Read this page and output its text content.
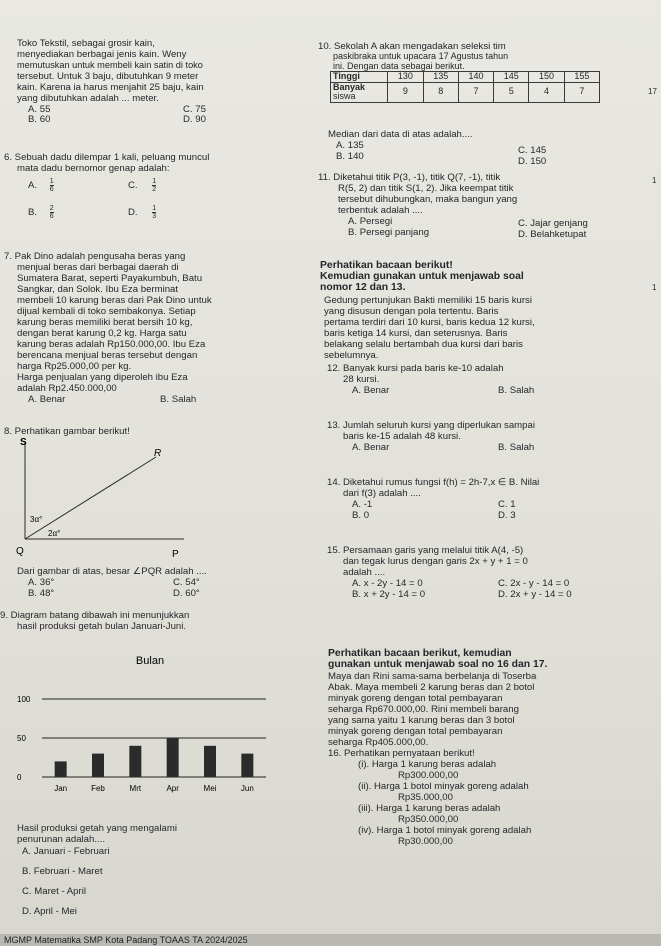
Toko Tekstil, sebagai grosir kain,
menyediakan berbagai jenis kain. Weny
memutuskan untuk membeli kain satin di toko
tersebut. Untuk 3 baju, dibutuhkan 9 meter
kain. Karena ia harus menjahit 25 baju, kain
yang dibutuhkan adalah ... meter.
A. 55
B. 60
C. 75
D. 90
6. Sebuah dadu dilempar 1 kali, peluang muncul
mata dadu bernomor genap adalah:
A. $\frac{1}{6}$
B. $\frac{2}{6}$
C. $\frac{1}{2}$
D. $\frac{1}{3}$
7. Pak Dino adalah pengusaha beras yang
menjual beras dari berbagai daerah di
Sumatera Barat, seperti Payakumbuh, Batu
Sangkar, dan Solok. Ibu Eza berminat
membeli 10 karung beras dari Pak Dino untuk
dijual kembali di toko sembakonya. Setiap
karung beras memiliki berat bersih 10 kg,
dengan berat karung 0,2 kg. Harga satu
karung beras adalah Rp150.000,00. Ibu Eza
berencana menjual beras tersebut dengan
harga Rp25.000,00 per kg.
Harga penjualan yang diperoleh ibu Eza
adalah Rp2.450.000,00
A. Benar	B. Salah
8. Perhatikan gambar berikut!
S
R
Q	P
3α°
2α°
Dari gambar di atas, besar ∠PQR adalah ....
A. 36°
B. 48°
C. 54°
D. 60°
9. Diagram batang dibawah ini menunjukkan
hasil produksi getah bulan Januari-Juni.
Bulan
0
50
100
Jan	Feb	Mrt	Apr	Mei	Jun
Hasil produksi getah yang mengalami
penurunan adalah....
A. Januari - Februari
B. Februari - Maret
C. Maret - April
D. April - Mei
10. Sekolah A akan mengadakan seleksi tim
paskibraka untuk upacara 17 Agustus tahun
ini. Dengan data sebagai berikut.
Tinggi	130	135	140	145	150	155
Banyak	9	8	7	5	4	7
siswa						
Median dari data di atas adalah....
A. 135
B. 140
C. 145
D. 150
11. Diketahui titik P(3, -1), titik Q(7, -1), titik
R(5, 2) dan titik S(1, 2). Jika keempat titik
tersebut dihubungkan, maka bangun yang
terbentuk adalah ....
A. Persegi
B. Persegi panjang
C. Jajar genjang
D. Belahketupat
Perhatikan bacaan berikut!
Kemudian gunakan untuk menjawab soal
nomor 12 dan 13.
Gedung pertunjukan Bakti memiliki 15 baris kursi
yang disusun dengan pola tertentu. Baris
pertama terdiri dari 10 kursi, baris kedua 12 kursi,
baris ketiga 14 kursi, dan seterusnya. Baris
belakang selalu bertambah dua kursi dari baris
sebelumnya.
12. Banyak kursi pada baris ke-10 adalah
28 kursi.
A. Benar	B. Salah
13. Jumlah seluruh kursi yang diperlukan sampai
baris ke-15 adalah 48 kursi.
A. Benar	B. Salah
14. Diketahui rumus fungsi f(h) = 2h-7,x ∈ B. Nilai
dari f(3) adalah ....
A. -1
B. 0
C. 1
D. 3
15. Persamaan garis yang melalui titik A(4, -5)
dan tegak lurus dengan garis 2x + y + 1 = 0
adalah ....
A. x - 2y - 14 = 0
B. x + 2y - 14 = 0
C. 2x - y - 14 = 0
D. 2x + y - 14 = 0
Perhatikan bacaan berikut, kemudian
gunakan untuk menjawab soal no 16 dan 17.
Maya dan Rini sama-sama berbelanja di Toserba
Abak. Maya membeli 2 karung beras dan 2 botol
minyak goreng dengan total pembayaran
seharga Rp670.000,00. Rini membeli barang
yang sama yaitu 1 karung beras dan 3 botol
minyak goreng dengan total pembayaran
seharga Rp405.000,00.
16. Perhatikan pernyataan berikut!
(i). Harga 1 karung beras adalah
Rp300.000,00
(ii). Harga 1 botol minyak goreng adalah
Rp35.000,00
(iii). Harga 1 karung beras adalah
Rp350.000,00
(iv). Harga 1 botol minyak goreng adalah
Rp30.000,00
17
1
1
MGMP Matematika SMP Kota Padang TOAAS TA 2024/2025
